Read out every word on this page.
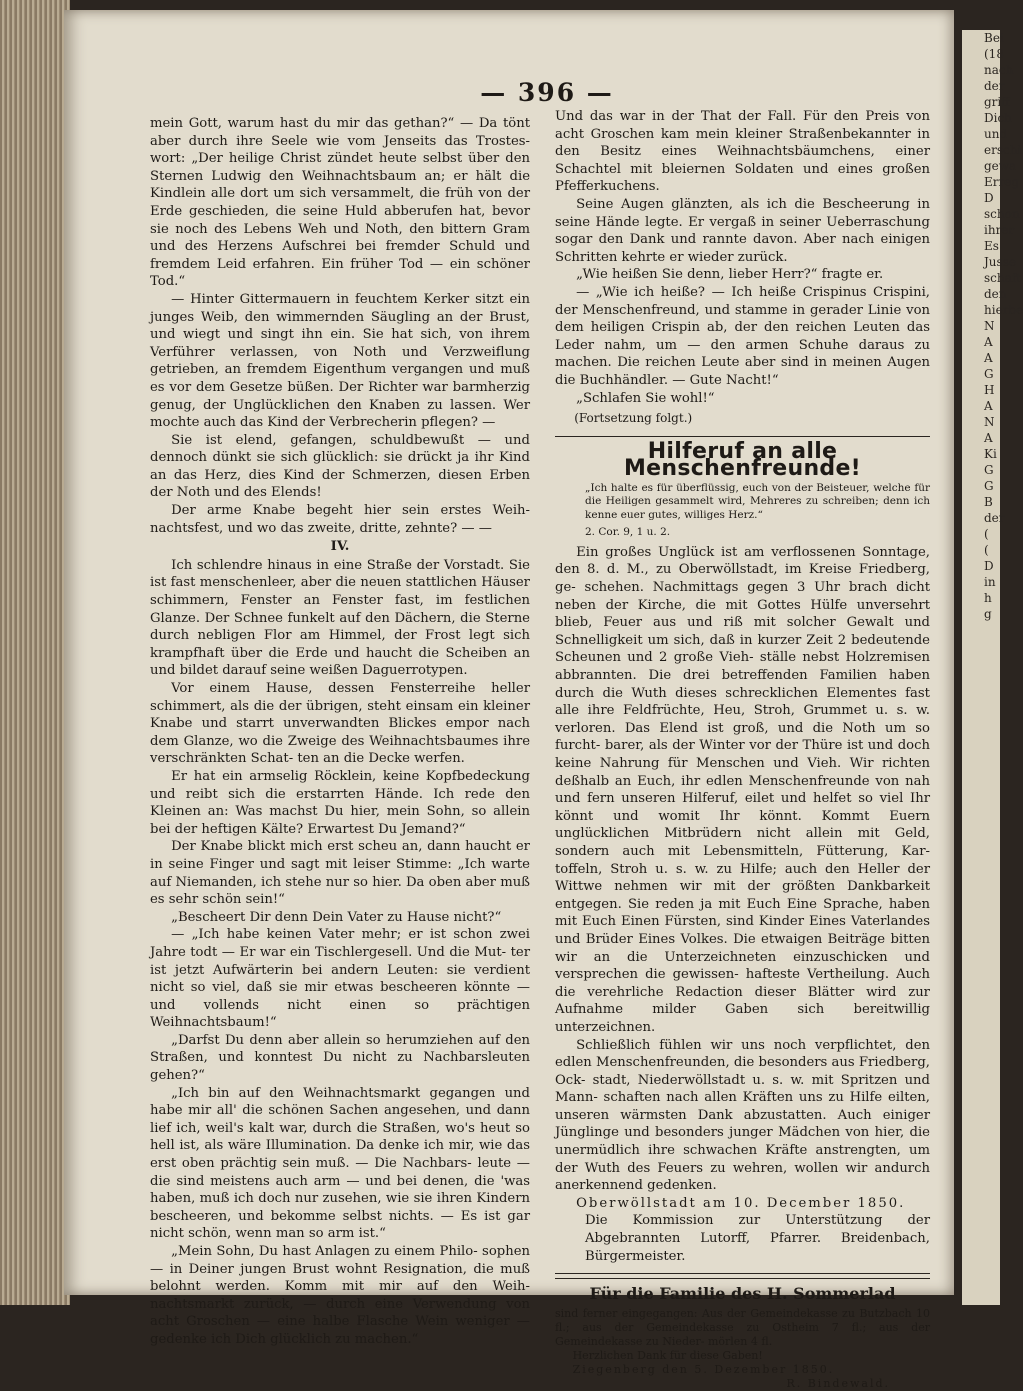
Bei
(18
nach
der
griff
Dich
und
erschi
gewa
Erreg
D
schon
ihrer
Es
Jusse
schaft
den
hierbe
N
A
A
G
H
A
N
A
Ki
G
G
B
der
(
(
D
in
h
g
— 396 —

mein Gott, warum hast du mir das gethan?“ — Da tönt aber durch ihre Seele wie vom Jenseits das Trostes- wort: „Der heilige Christ zündet heute selbst über den Sternen Ludwig den Weihnachtsbaum an; er hält die Kindlein alle dort um sich versammelt, die früh von der Erde geschieden, die seine Huld abberufen hat, bevor sie noch des Lebens Weh und Noth, den bittern Gram und des Herzens Aufschrei bei fremder Schuld und fremdem Leid erfahren. Ein früher Tod — ein schöner Tod.“

— Hinter Gittermauern in feuchtem Kerker sitzt ein junges Weib, den wimmernden Säugling an der Brust, und wiegt und singt ihn ein. Sie hat sich, von ihrem Verführer verlassen, von Noth und Verzweiflung getrieben, an fremdem Eigenthum vergangen und muß es vor dem Gesetze büßen. Der Richter war barmherzig genug, der Unglücklichen den Knaben zu lassen. Wer mochte auch das Kind der Verbrecherin pflegen? —

Sie ist elend, gefangen, schuldbewußt — und dennoch dünkt sie sich glücklich: sie drückt ja ihr Kind an das Herz, dies Kind der Schmerzen, diesen Erben der Noth und des Elends!

Der arme Knabe begeht hier sein erstes Weih- nachtsfest, und wo das zweite, dritte, zehnte? — —

IV.

Ich schlendre hinaus in eine Straße der Vorstadt. Sie ist fast menschenleer, aber die neuen stattlichen Häuser schimmern, Fenster an Fenster fast, im festlichen Glanze. Der Schnee funkelt auf den Dächern, die Sterne durch nebligen Flor am Himmel, der Frost legt sich krampfhaft über die Erde und haucht die Scheiben an und bildet darauf seine weißen Daguerrotypen.

Vor einem Hause, dessen Fensterreihe heller schimmert, als die der übrigen, steht einsam ein kleiner Knabe und starrt unverwandten Blickes empor nach dem Glanze, wo die Zweige des Weihnachtsbaumes ihre verschränkten Schat- ten an die Decke werfen.

Er hat ein armselig Röcklein, keine Kopfbedeckung und reibt sich die erstarrten Hände. Ich rede den Kleinen an: Was machst Du hier, mein Sohn, so allein bei der heftigen Kälte? Erwartest Du Jemand?“

Der Knabe blickt mich erst scheu an, dann haucht er in seine Finger und sagt mit leiser Stimme: „Ich warte auf Niemanden, ich stehe nur so hier. Da oben aber muß es sehr schön sein!“

„Bescheert Dir denn Dein Vater zu Hause nicht?“

— „Ich habe keinen Vater mehr; er ist schon zwei Jahre todt — Er war ein Tischlergesell. Und die Mut- ter ist jetzt Aufwärterin bei andern Leuten: sie verdient nicht so viel, daß sie mir etwas bescheeren könnte — und vollends nicht einen so prächtigen Weihnachtsbaum!“

„Darfst Du denn aber allein so herumziehen auf den Straßen, und konntest Du nicht zu Nachbarsleuten gehen?“

„Ich bin auf den Weihnachtsmarkt gegangen und habe mir all' die schönen Sachen angesehen, und dann lief ich, weil's kalt war, durch die Straßen, wo's heut so hell ist, als wäre Illumination. Da denke ich mir, wie das erst oben prächtig sein muß. — Die Nachbars- leute — die sind meistens auch arm — und bei denen, die 'was haben, muß ich doch nur zusehen, wie sie ihren Kindern bescheeren, und bekomme selbst nichts. — Es ist gar nicht schön, wenn man so arm ist.“

„Mein Sohn, Du hast Anlagen zu einem Philo- sophen — in Deiner jungen Brust wohnt Resignation, die muß belohnt werden. Komm mit mir auf den Weih- nachtsmarkt zurück, — durch eine Verwendung von acht Groschen — eine halbe Flasche Wein weniger — gedenke ich Dich glücklich zu machen.“

Und das war in der That der Fall. Für den Preis von acht Groschen kam mein kleiner Straßenbekannter in den Besitz eines Weihnachtsbäumchens, einer Schachtel mit bleiernen Soldaten und eines großen Pfefferkuchens.

Seine Augen glänzten, als ich die Bescheerung in seine Hände legte. Er vergaß in seiner Ueberraschung sogar den Dank und rannte davon. Aber nach einigen Schritten kehrte er wieder zurück.

„Wie heißen Sie denn, lieber Herr?“ fragte er.

— „Wie ich heiße? — Ich heiße Crispinus Crispini, der Menschenfreund, und stamme in gerader Linie von dem heiligen Crispin ab, der den reichen Leuten das Leder nahm, um — den armen Schuhe daraus zu machen. Die reichen Leute aber sind in meinen Augen die Buchhändler. — Gute Nacht!“

„Schlafen Sie wohl!“

(Fortsetzung folgt.)

Hilferuf an alle Menschenfreunde!
„Ich halte es für überflüssig, euch von der Beisteuer, welche für die Heiligen gesammelt wird, Mehreres zu schreiben; denn ich kenne euer gutes, williges Herz.“
2. Cor. 9, 1 u. 2.

Ein großes Unglück ist am verflossenen Sonntage, den 8. d. M., zu Oberwöllstadt, im Kreise Friedberg, ge- schehen. Nachmittags gegen 3 Uhr brach dicht neben der Kirche, die mit Gottes Hülfe unversehrt blieb, Feuer aus und riß mit solcher Gewalt und Schnelligkeit um sich, daß in kurzer Zeit 2 bedeutende Scheunen und 2 große Vieh- ställe nebst Holzremisen abbrannten. Die drei betreffenden Familien haben durch die Wuth dieses schrecklichen Elementes fast alle ihre Feldfrüchte, Heu, Stroh, Grummet u. s. w. verloren. Das Elend ist groß, und die Noth um so furcht- barer, als der Winter vor der Thüre ist und doch keine Nahrung für Menschen und Vieh. Wir richten deßhalb an Euch, ihr edlen Menschenfreunde von nah und fern unseren Hilferuf, eilet und helfet so viel Ihr könnt und womit Ihr könnt. Kommt Euern unglücklichen Mitbrüdern nicht allein mit Geld, sondern auch mit Lebensmitteln, Fütterung, Kar- toffeln, Stroh u. s. w. zu Hilfe; auch den Heller der Wittwe nehmen wir mit der größten Dankbarkeit entgegen. Sie reden ja mit Euch Eine Sprache, haben mit Euch Einen Fürsten, sind Kinder Eines Vaterlandes und Brüder Eines Volkes. Die etwaigen Beiträge bitten wir an die Unterzeichneten einzuschicken und versprechen die gewissen- hafteste Vertheilung. Auch die verehrliche Redaction dieser Blätter wird zur Aufnahme milder Gaben sich bereitwillig unterzeichnen.

Schließlich fühlen wir uns noch verpflichtet, den edlen Menschenfreunden, die besonders aus Friedberg, Ock- stadt, Niederwöllstadt u. s. w. mit Spritzen und Mann- schaften nach allen Kräften uns zu Hilfe eilten, unseren wärmsten Dank abzustatten. Auch einiger Jünglinge und besonders junger Mädchen von hier, die unermüdlich ihre schwachen Kräfte anstrengten, um der Wuth des Feuers zu wehren, wollen wir andurch anerkennend gedenken.

Oberwöllstadt am 10. December 1850.

Die Kommission zur Unterstützung der Abgebrannten Lutorff, Pfarrer. Breidenbach, Bürgermeister.

Für die Familie des H. Sommerlad

sind ferner eingegangen: Aus der Gemeindekasse zu Butzbach 10 fl.; aus der Gemeindekasse zu Ostheim 7 fl.; aus der Gemeindekasse zu Nieder- mörlen 4 fl.

Herzlichen Dank für diese Gaben!

Ziegenberg den 5. Dezember 1850.

R. Bindewald.
